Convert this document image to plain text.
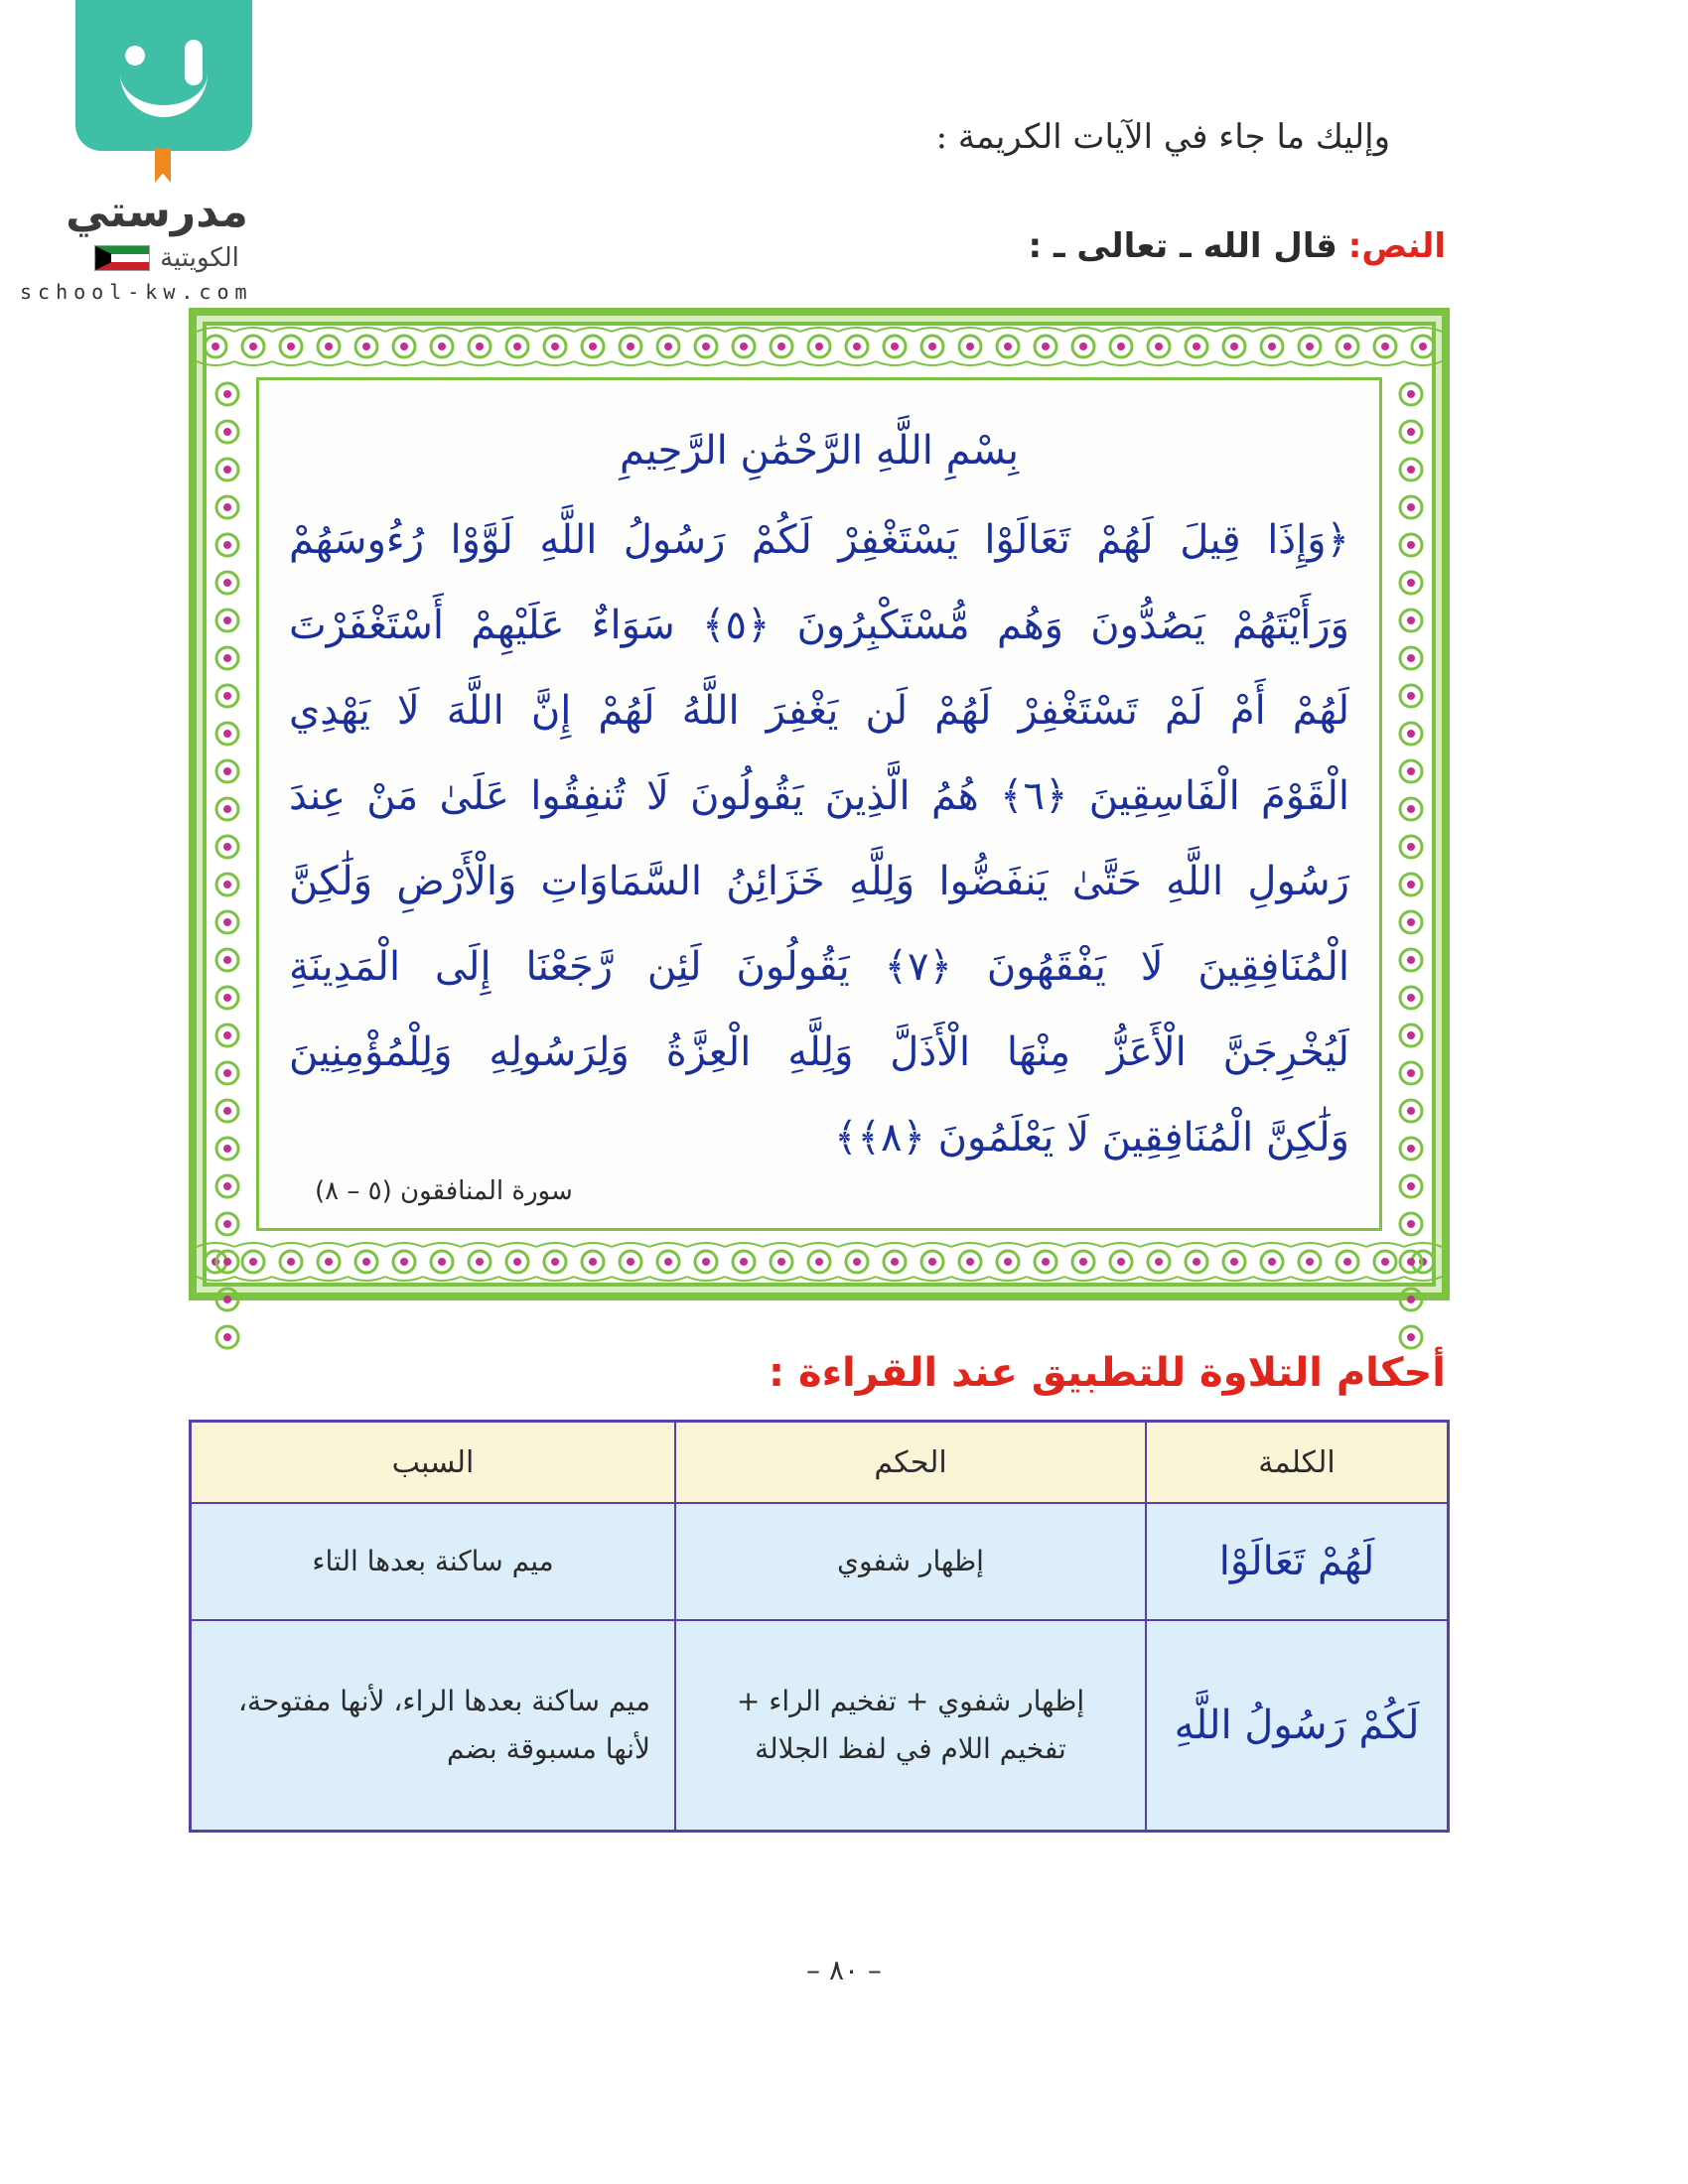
مدرستي
الكويتية
school-kw.com
وإليك ما جاء في الآيات الكريمة :
النص: قال الله ـ تعالى ـ :
بِسْمِ اللَّهِ الرَّحْمَٰنِ الرَّحِيمِ
﴿وَإِذَا قِيلَ لَهُمْ تَعَالَوْا يَسْتَغْفِرْ لَكُمْ رَسُولُ اللَّهِ لَوَّوْا رُءُوسَهُمْ
وَرَأَيْتَهُمْ يَصُدُّونَ وَهُم مُّسْتَكْبِرُونَ ﴿٥﴾ سَوَاءٌ عَلَيْهِمْ أَسْتَغْفَرْتَ
لَهُمْ أَمْ لَمْ تَسْتَغْفِرْ لَهُمْ لَن يَغْفِرَ اللَّهُ لَهُمْ إِنَّ اللَّهَ لَا يَهْدِي
الْقَوْمَ الْفَاسِقِينَ ﴿٦﴾ هُمُ الَّذِينَ يَقُولُونَ لَا تُنفِقُوا عَلَىٰ مَنْ عِندَ
رَسُولِ اللَّهِ حَتَّىٰ يَنفَضُّوا وَلِلَّهِ خَزَائِنُ السَّمَاوَاتِ وَالْأَرْضِ وَلَٰكِنَّ
الْمُنَافِقِينَ لَا يَفْقَهُونَ ﴿٧﴾ يَقُولُونَ لَئِن رَّجَعْنَا إِلَى الْمَدِينَةِ
لَيُخْرِجَنَّ الْأَعَزُّ مِنْهَا الْأَذَلَّ وَلِلَّهِ الْعِزَّةُ وَلِرَسُولِهِ وَلِلْمُؤْمِنِينَ
وَلَٰكِنَّ الْمُنَافِقِينَ لَا يَعْلَمُونَ ﴿٨﴾﴾
سورة المنافقون (٥ – ٨)
أحكام التلاوة للتطبيق عند القراءة :
الكلمة	الحكم	السبب
لَهُمْ تَعَالَوْا	إظهار شفوي	ميم ساكنة بعدها التاء
لَكُمْ رَسُولُ اللَّهِ	إظهار شفوي + تفخيم الراء + تفخيم اللام في لفظ الجلالة	ميم ساكنة بعدها الراء، لأنها مفتوحة، لأنها مسبوقة بضم
– ٨٠ –
